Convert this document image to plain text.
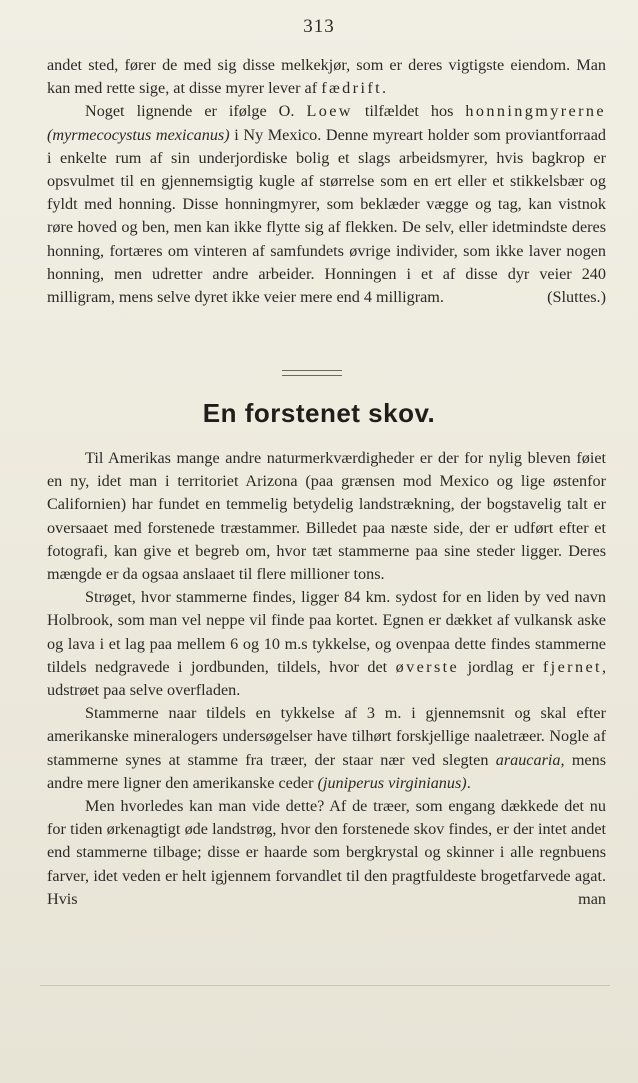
313

andet sted, fører de med sig disse melkekjør, som er deres vigtigste eiendom. Man kan med rette sige, at disse myrer lever af fædrift.

Noget lignende er ifølge O. Loew tilfældet hos honningmyrerne (myrmecocystus mexicanus) i Ny Mexico. Denne myreart holder som proviantforraad i enkelte rum af sin underjordiske bolig et slags arbeidsmyrer, hvis bagkrop er opsvulmet til en gjennemsigtig kugle af størrelse som en ert eller et stikkelsbær og fyldt med honning. Disse honningmyrer, som beklæder vægge og tag, kan vistnok røre hoved og ben, men kan ikke flytte sig af flekken. De selv, eller idetmindste deres honning, fortæres om vinteren af samfundets øvrige individer, som ikke laver nogen honning, men udretter andre arbeider. Honningen i et af disse dyr veier 240 milligram, mens selve dyret ikke veier mere end 4 milligram.	(Sluttes.)

En forstenet skov.

Til Amerikas mange andre naturmerkværdigheder er der for nylig bleven føiet en ny, idet man i territoriet Arizona (paa grænsen mod Mexico og lige østenfor Californien) har fundet en temmelig betydelig landstrækning, der bogstavelig talt er oversaaet med forstenede træstammer. Billedet paa næste side, der er udført efter et fotografi, kan give et begreb om, hvor tæt stammerne paa sine steder ligger. Deres mængde er da ogsaa anslaaet til flere millioner tons.

Strøget, hvor stammerne findes, ligger 84 km. sydost for en liden by ved navn Holbrook, som man vel neppe vil finde paa kortet. Egnen er dækket af vulkansk aske og lava i et lag paa mellem 6 og 10 m.s tykkelse, og ovenpaa dette findes stammerne tildels nedgravede i jordbunden, tildels, hvor det øverste jordlag er fjernet, udstrøet paa selve overfladen.

Stammerne naar tildels en tykkelse af 3 m. i gjennemsnit og skal efter amerikanske mineralogers undersøgelser have tilhørt forskjellige naaletræer. Nogle af stammerne synes at stamme fra træer, der staar nær ved slegten araucaria, mens andre mere ligner den amerikanske ceder (juniperus virginianus).

Men hvorledes kan man vide dette? Af de træer, som engang dækkede det nu for tiden ørkenagtigt øde landstrøg, hvor den forstenede skov findes, er der intet andet end stammerne tilbage; disse er haarde som bergkrystal og skinner i alle regnbuens farver, idet veden er helt igjennem forvandlet til den pragtfuldeste brogetfarvede agat. Hvis man
